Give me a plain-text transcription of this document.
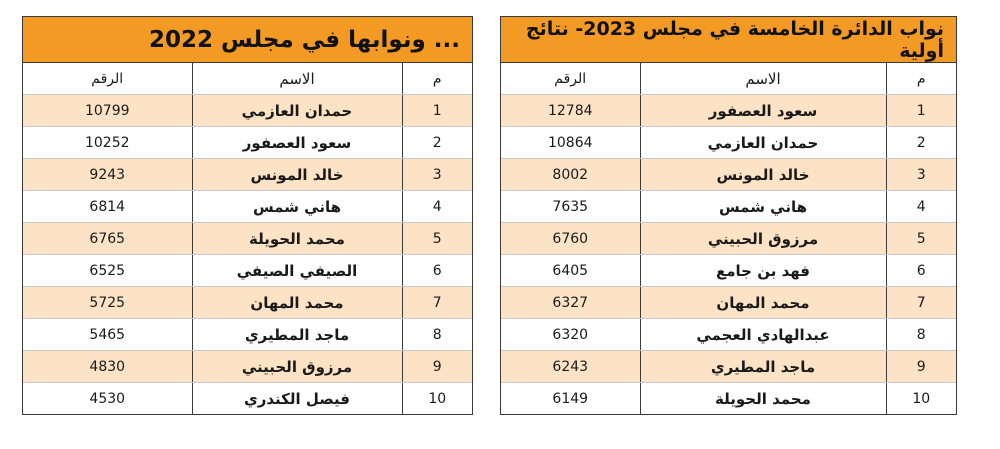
... ونوابها في مجلس 2022
م	الاسم	الرقم
1	حمدان العازمي	10799
2	سعود العصفور	10252
3	خالد المونس	9243
4	هاني شمس	6814
5	محمد الحويلة	6765
6	الصيفي الصيفي	6525
7	محمد المهان	5725
8	ماجد المطيري	5465
9	مرزوق الحبيني	4830
10	فيصل الكندري	4530
نواب الدائرة الخامسة في مجلس 2023- نتائج أولية
م	الاسم	الرقم
1	سعود العصفور	12784
2	حمدان العازمي	10864
3	خالد المونس	8002
4	هاني شمس	7635
5	مرزوق الحبيني	6760
6	فهد بن جامع	6405
7	محمد المهان	6327
8	عبدالهادي العجمي	6320
9	ماجد المطيري	6243
10	محمد الحويلة	6149
